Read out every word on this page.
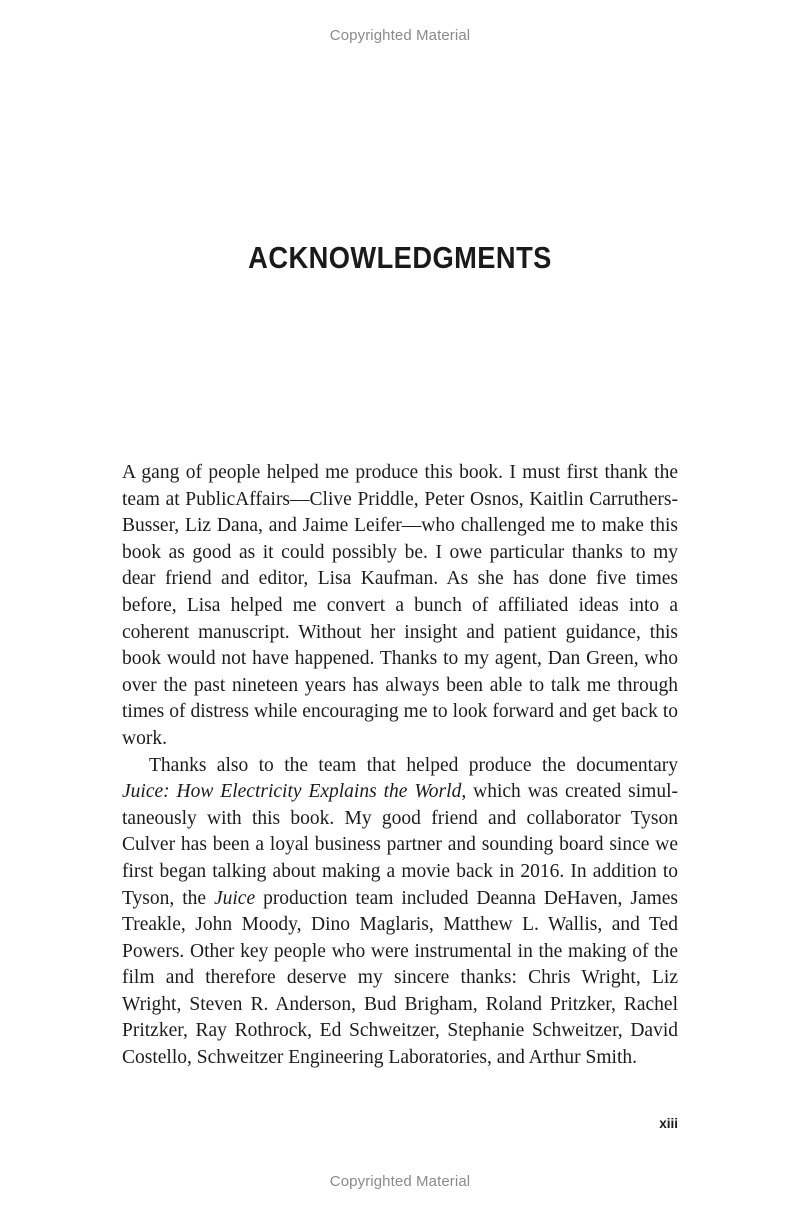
Copyrighted Material
ACKNOWLEDGMENTS

A gang of people helped me produce this book. I must first thank the team at PublicAffairs—Clive Priddle, Peter Osnos, Kaitlin Carruthers-Busser, Liz Dana, and Jaime Leifer—who challenged me to make this book as good as it could possibly be. I owe particular thanks to my dear friend and editor, Lisa Kaufman. As she has done five times before, Lisa helped me convert a bunch of affiliated ideas into a coherent manuscript. Without her insight and patient guidance, this book would not have happened. Thanks to my agent, Dan Green, who over the past nineteen years has always been able to talk me through times of distress while encouraging me to look forward and get back to work.

Thanks also to the team that helped produce the documentary Juice: How Electricity Explains the World, which was created simultaneously with this book. My good friend and collaborator Tyson Culver has been a loyal business partner and sounding board since we first began talking about making a movie back in 2016. In addition to Tyson, the Juice production team included Deanna DeHaven, James Treakle, John Moody, Dino Maglaris, Matthew L. Wallis, and Ted Powers. Other key people who were instrumental in the making of the film and therefore deserve my sincere thanks: Chris Wright, Liz Wright, Steven R. Anderson, Bud Brigham, Roland Pritzker, Rachel Pritzker, Ray Rothrock, Ed Schweitzer, Stephanie Schweitzer, David Costello, Schweitzer Engineering Laboratories, and Arthur Smith.

xiii
Copyrighted Material
